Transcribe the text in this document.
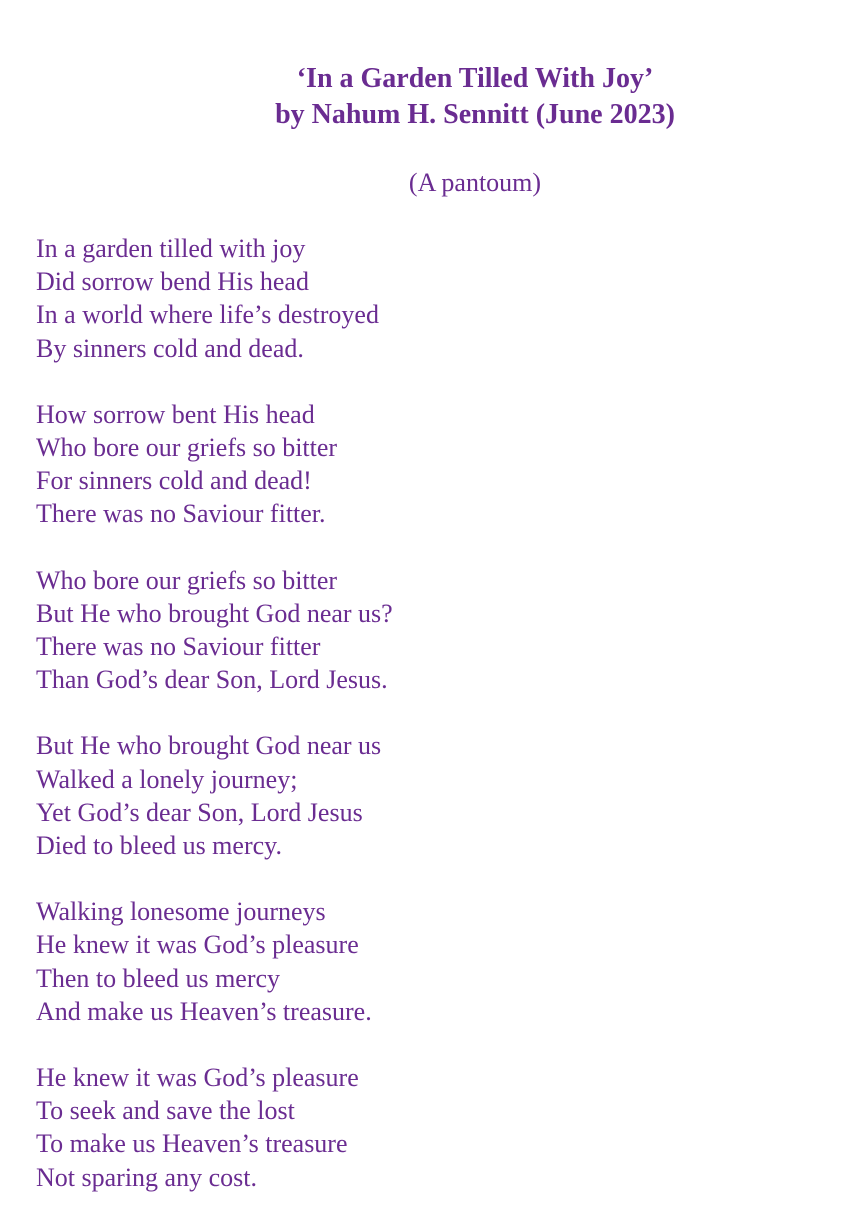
‘In a Garden Tilled With Joy’
by Nahum H. Sennitt (June 2023)

(A pantoum)

In a garden tilled with joy
Did sorrow bend His head
In a world where life’s destroyed
By sinners cold and dead.
How sorrow bent His head
Who bore our griefs so bitter
For sinners cold and dead!
There was no Saviour fitter.
Who bore our griefs so bitter
But He who brought God near us?
There was no Saviour fitter
Than God’s dear Son, Lord Jesus.
But He who brought God near us
Walked a lonely journey;
Yet God’s dear Son, Lord Jesus
Died to bleed us mercy.
Walking lonesome journeys
He knew it was God’s pleasure
Then to bleed us mercy
And make us Heaven’s treasure.
He knew it was God’s pleasure
To seek and save the lost
To make us Heaven’s treasure
Not sparing any cost.
